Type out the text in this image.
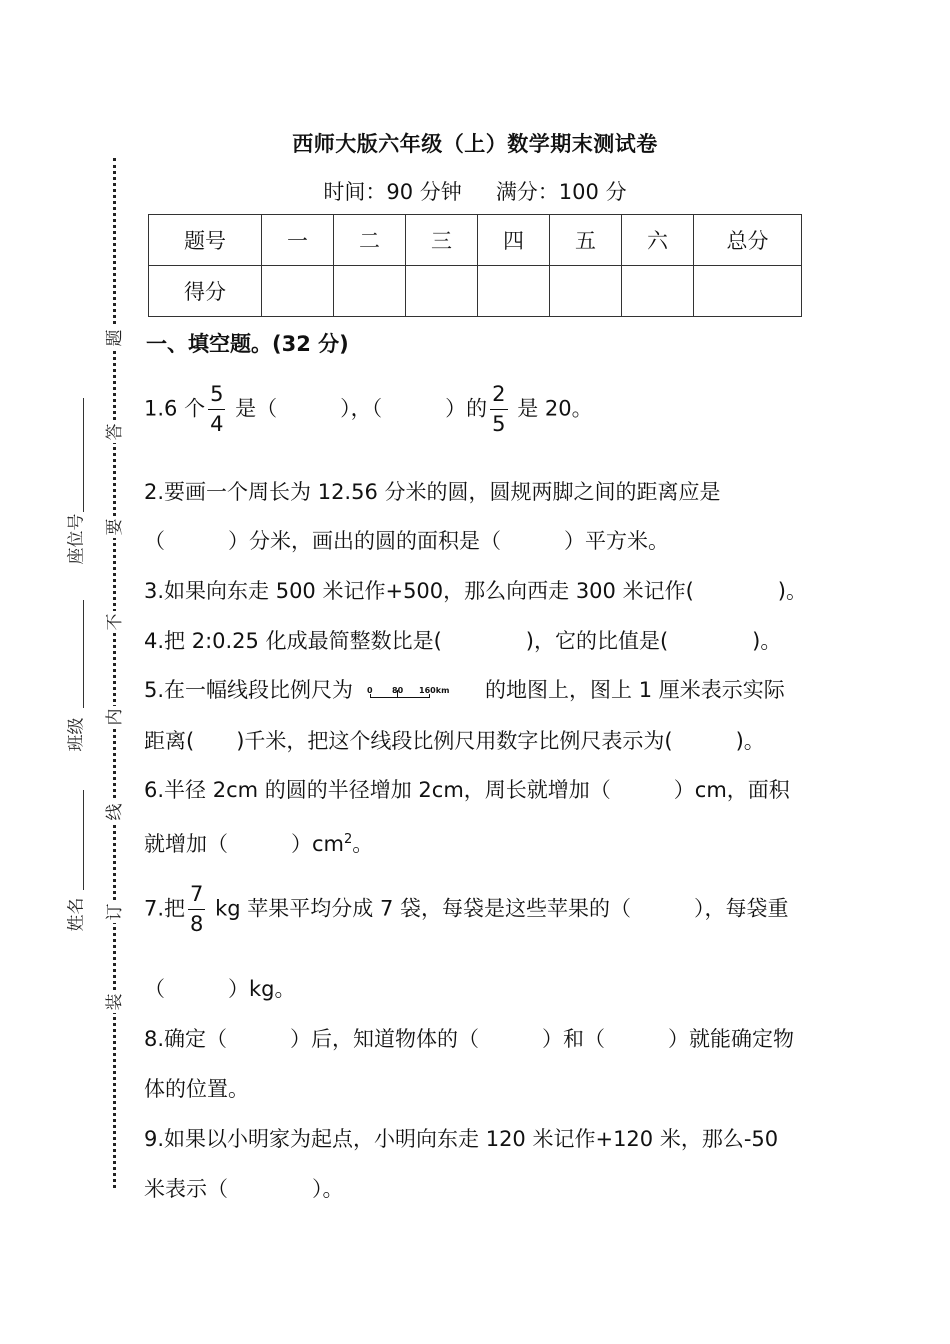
题
答
要
不
内
线
订
装
座位号
班级
姓名
西师大版六年级（上）数学期末测试卷
时间：90 分钟 满分：100 分
题号	一	二	三	四	五	六	总分
得分							
一、填空题。(32 分)
1.6 个 $\frac{5}{4}$ 是（　　　），（　　　）的 $\frac{2}{5}$ 是 20。
2.要画一个周长为 12.56 分米的圆，圆规两脚之间的距离应是
（　　　）分米，画出的圆的面积是（　　　）平方米。
3.如果向东走 500 米记作+500，那么向西走 300 米记作(　　　　)。
4.把 2:0.25 化成最简整数比是(　　　　)，它的比值是(　　　　)。
5.在一幅线段比例尺为 0 80 160km 的地图上，图上 1 厘米表示实际
距离(　　)千米，把这个线段比例尺用数字比例尺表示为(　　　)。
6.半径 2cm 的圆的半径增加 2cm，周长就增加（　　　）cm，面积
就增加（　　　）$cm^2$。
7.把 $\frac{7}{8}$ kg 苹果平均分成 7 袋，每袋是这些苹果的（　　　），每袋重
（　　　）kg。
8.确定（　　　）后，知道物体的（　　　）和（　　　）就能确定物
体的位置。
9.如果以小明家为起点，小明向东走 120 米记作+120 米，那么-50
米表示（　　　　）。
